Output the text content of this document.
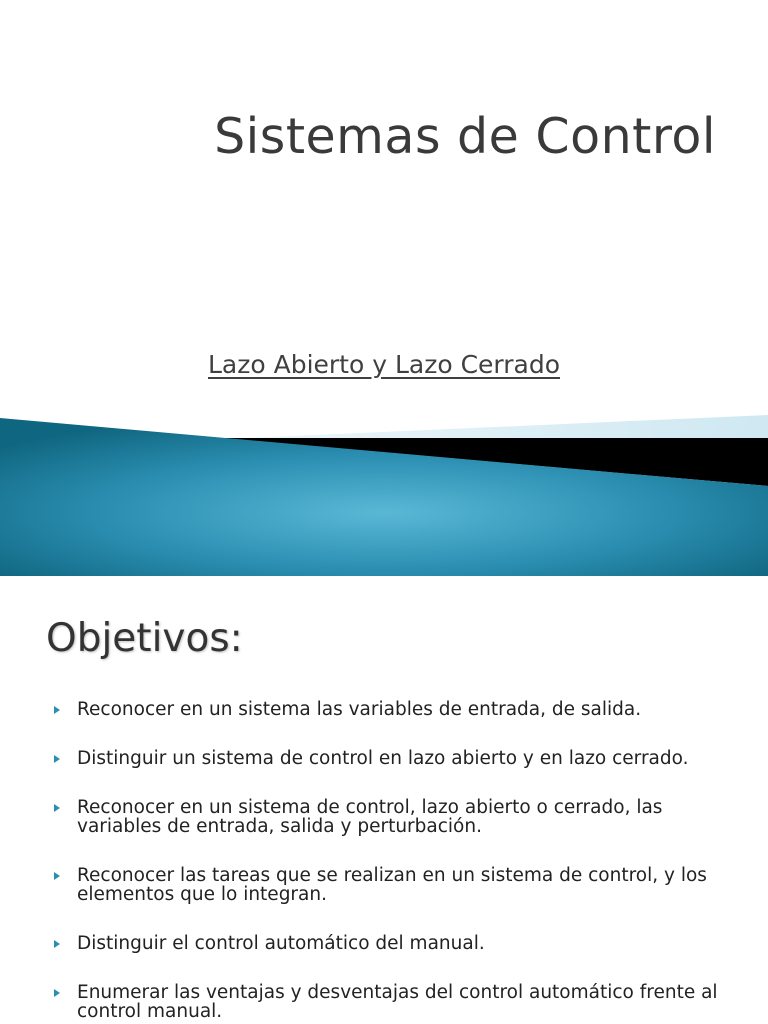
Sistemas de Control
Lazo Abierto y Lazo Cerrado
Objetivos:
Reconocer en un sistema las variables de entrada, de salida.
Distinguir un sistema de control en lazo abierto y en lazo cerrado.
Reconocer en un sistema de control, lazo abierto o cerrado, las variables de entrada, salida y perturbación.
Reconocer las tareas que se realizan en un sistema de control, y los elementos que lo integran.
Distinguir el control automático del manual.
Enumerar las ventajas y desventajas del control automático frente al control manual.
